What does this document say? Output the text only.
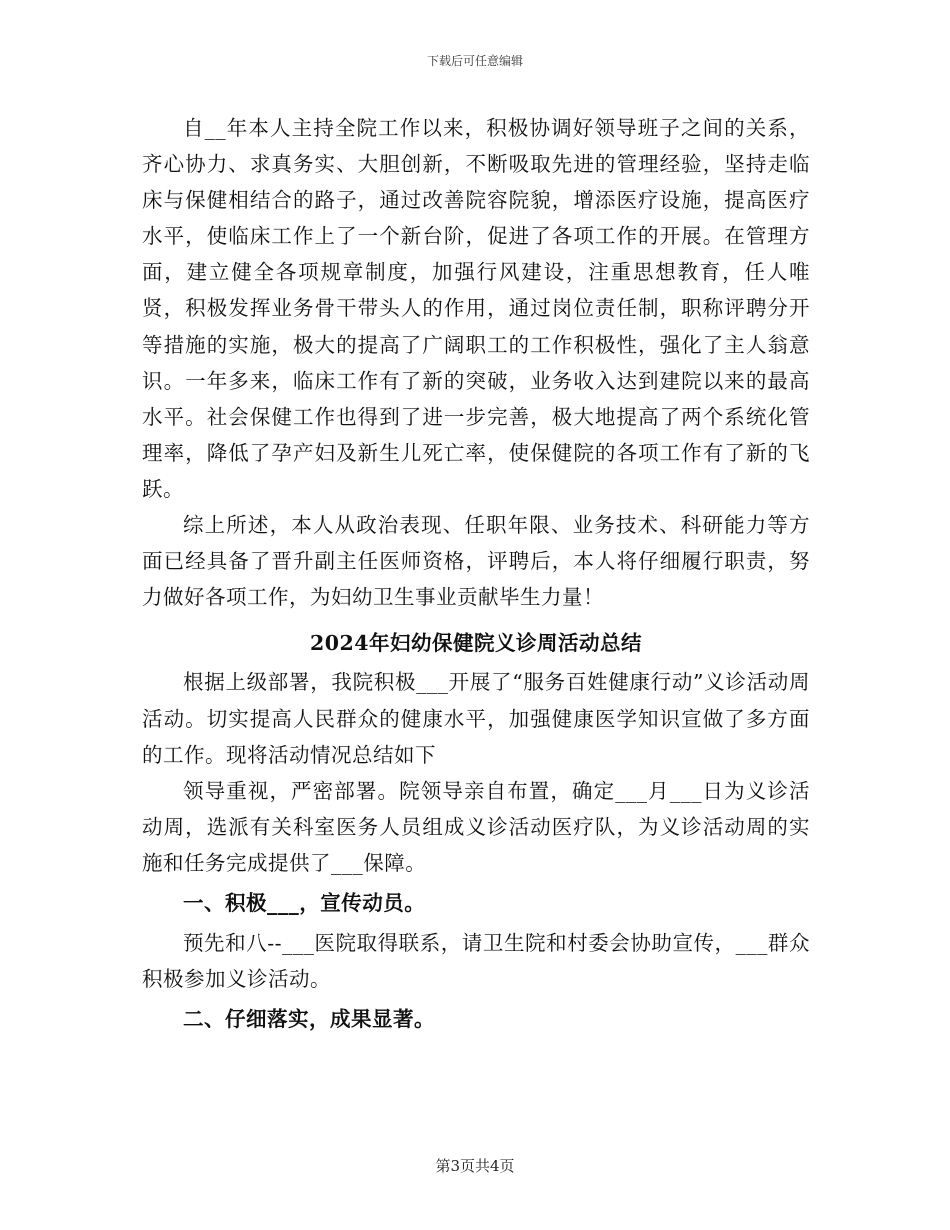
下载后可任意编辑

自__年本人主持全院工作以来，积极协调好领导班子之间的关系，齐心协力、求真务实、大胆创新，不断吸取先进的管理经验，坚持走临床与保健相结合的路子，通过改善院容院貌，增添医疗设施，提高医疗水平，使临床工作上了一个新台阶，促进了各项工作的开展。在管理方面，建立健全各项规章制度，加强行风建设，注重思想教育，任人唯贤，积极发挥业务骨干带头人的作用，通过岗位责任制，职称评聘分开等措施的实施，极大的提高了广阔职工的工作积极性，强化了主人翁意识。一年多来，临床工作有了新的突破，业务收入达到建院以来的最高水平。社会保健工作也得到了进一步完善，极大地提高了两个系统化管理率，降低了孕产妇及新生儿死亡率，使保健院的各项工作有了新的飞跃。

综上所述，本人从政治表现、任职年限、业务技术、科研能力等方面已经具备了晋升副主任医师资格，评聘后，本人将仔细履行职责，努力做好各项工作，为妇幼卫生事业贡献毕生力量！

2024年妇幼保健院义诊周活动总结

根据上级部署，我院积极___开展了“服务百姓健康行动”义诊活动周活动。切实提高人民群众的健康水平，加强健康医学知识宣做了多方面的工作。现将活动情况总结如下

领导重视，严密部署。院领导亲自布置，确定___月___日为义诊活动周，选派有关科室医务人员组成义诊活动医疗队，为义诊活动周的实施和任务完成提供了___保障。

一、积极___，宣传动员。

预先和八--___医院取得联系，请卫生院和村委会协助宣传，___群众积极参加义诊活动。

二、仔细落实，成果显著。

第3页共4页
